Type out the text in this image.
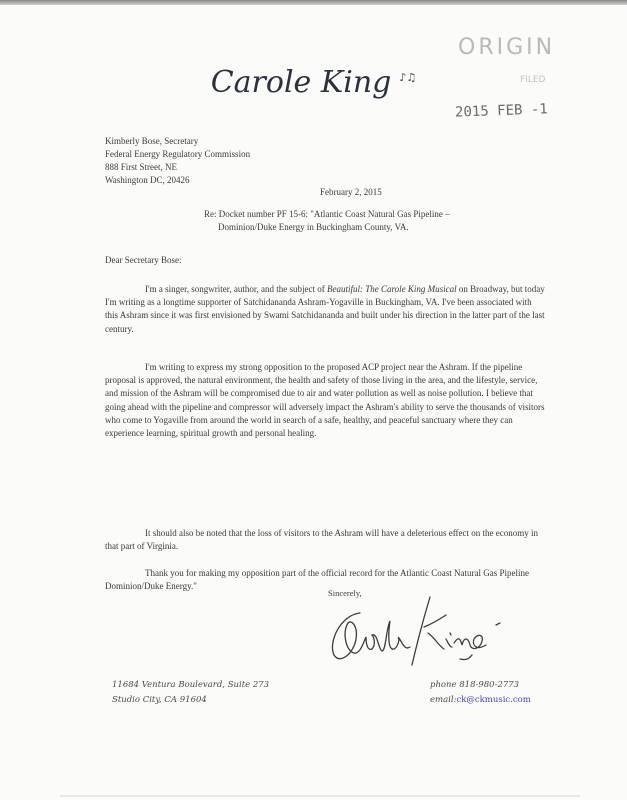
ORIGIN
FILED
2015 FEB -1
Carole King ♪♫
Kimberly Bose, Secretary
Federal Energy Regulatory Commission
888 First Street, NE
Washington DC, 20426
February 2, 2015
Re: Docket number PF 15-6: "Atlantic Coast Natural Gas Pipeline –
Dominion/Duke Energy in Buckingham County, VA.
Dear Secretary Bose:
I'm a singer, songwriter, author, and the subject of Beautiful: The Carole King Musical on Broadway, but today I'm writing as a longtime supporter of Satchidananda Ashram-Yogaville in Buckingham, VA. I've been associated with this Ashram since it was first envisioned by Swami Satchidananda and built under his direction in the latter part of the last century.
I'm writing to express my strong opposition to the proposed ACP project near the Ashram. If the pipeline proposal is approved, the natural environment, the health and safety of those living in the area, and the lifestyle, service, and mission of the Ashram will be compromised due to air and water pollution as well as noise pollution. I believe that going ahead with the pipeline and compressor will adversely impact the Ashram's ability to serve the thousands of visitors who come to Yogaville from around the world in search of a safe, healthy, and peaceful sanctuary where they can experience learning, spiritual growth and personal healing.
It should also be noted that the loss of visitors to the Ashram will have a deleterious effect on the economy in that part of Virginia.
Thank you for making my opposition part of the official record for the Atlantic Coast Natural Gas Pipeline Dominion/Duke Energy."
Sincerely,
11684 Ventura Boulevard, Suite 273
Studio City, CA 91604
phone 818-980-2773
email:ck@ckmusic.com
